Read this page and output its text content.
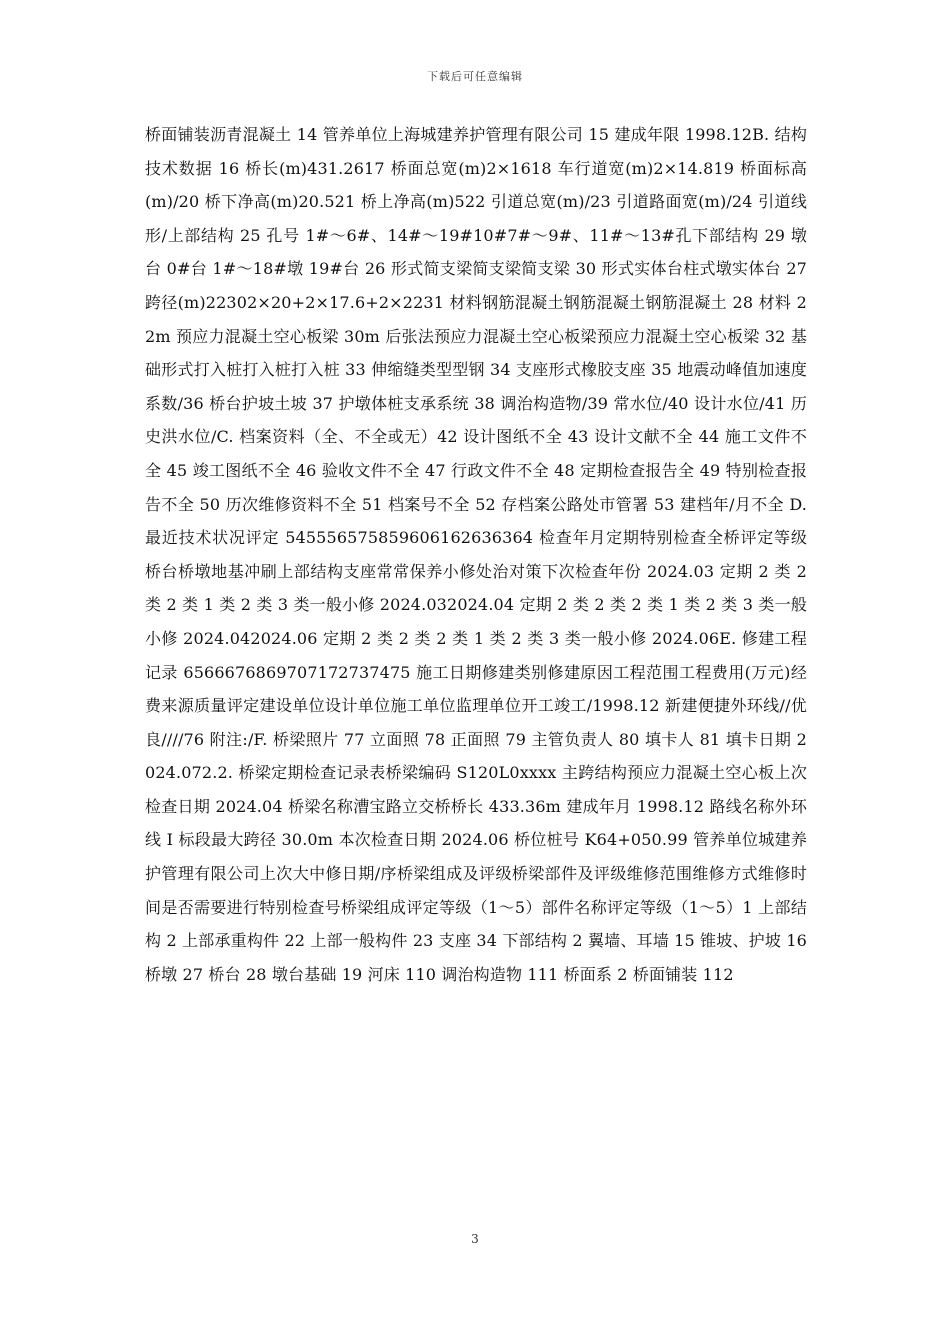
下载后可任意编辑
桥面铺装沥青混凝土 14 管养单位上海城建养护管理有限公司 15 建成年限 1998.12B. 结构技术数据 16 桥长(m)431.2617 桥面总宽(m)2×1618 车行道宽(m)2×14.819 桥面标高(m)/20 桥下净高(m)20.521 桥上净高(m)522 引道总宽(m)/23 引道路面宽(m)/24 引道线形/上部结构 25 孔号 1#～6#、14#～19#10#7#～9#、11#～13#孔下部结构 29 墩台 0#台 1#～18#墩 19#台 26 形式简支梁简支梁简支梁 30 形式实体台柱式墩实体台 27 跨径(m)22302×20+2×17.6+2×2231 材料钢筋混凝土钢筋混凝土钢筋混凝土 28 材料 22m 预应力混凝土空心板梁 30m 后张法预应力混凝土空心板梁预应力混凝土空心板梁 32 基础形式打入桩打入桩打入桩 33 伸缩缝类型型钢 34 支座形式橡胶支座 35 地震动峰值加速度系数/36 桥台护坡土坡 37 护墩体桩支承系统 38 调治构造物/39 常水位/40 设计水位/41 历史洪水位/C. 档案资料（全、不全或无）42 设计图纸不全 43 设计文献不全 44 施工文件不全 45 竣工图纸不全 46 验收文件不全 47 行政文件不全 48 定期检查报告全 49 特别检查报告不全 50 历次维修资料不全 51 档案号不全 52 存档案公路处市管署 53 建档年/月不全 D. 最近技术状况评定 545556575859606162636364 检查年月定期特别检查全桥评定等级桥台桥墩地基冲刷上部结构支座常常保养小修处治对策下次检查年份 2024.03 定期 2 类 2 类 2 类 1 类 2 类 3 类一般小修 2024.032024.04 定期 2 类 2 类 2 类 1 类 2 类 3 类一般小修 2024.042024.06 定期 2 类 2 类 2 类 1 类 2 类 3 类一般小修 2024.06E. 修建工程记录 6566676869707172737475 施工日期修建类别修建原因工程范围工程费用(万元)经费来源质量评定建设单位设计单位施工单位监理单位开工竣工/1998.12 新建便捷外环线//优良////76 附注:/F. 桥梁照片 77 立面照 78 正面照 79 主管负责人 80 填卡人 81 填卡日期 2024.072.2. 桥梁定期检查记录表桥梁编码 S120L0xxxx 主跨结构预应力混凝土空心板上次检查日期 2024.04 桥梁名称漕宝路立交桥桥长 433.36m 建成年月 1998.12 路线名称外环线 I 标段最大跨径 30.0m 本次检查日期 2024.06 桥位桩号 K64+050.99 管养单位城建养护管理有限公司上次大中修日期/序桥梁组成及评级桥梁部件及评级维修范围维修方式维修时间是否需要进行特别检查号桥梁组成评定等级（1～5）部件名称评定等级（1～5）1 上部结构 2 上部承重构件 22 上部一般构件 23 支座 34 下部结构 2 翼墙、耳墙 15 锥坡、护坡 16 桥墩 27 桥台 28 墩台基础 19 河床 110 调治构造物 111 桥面系 2 桥面铺装 112
3
